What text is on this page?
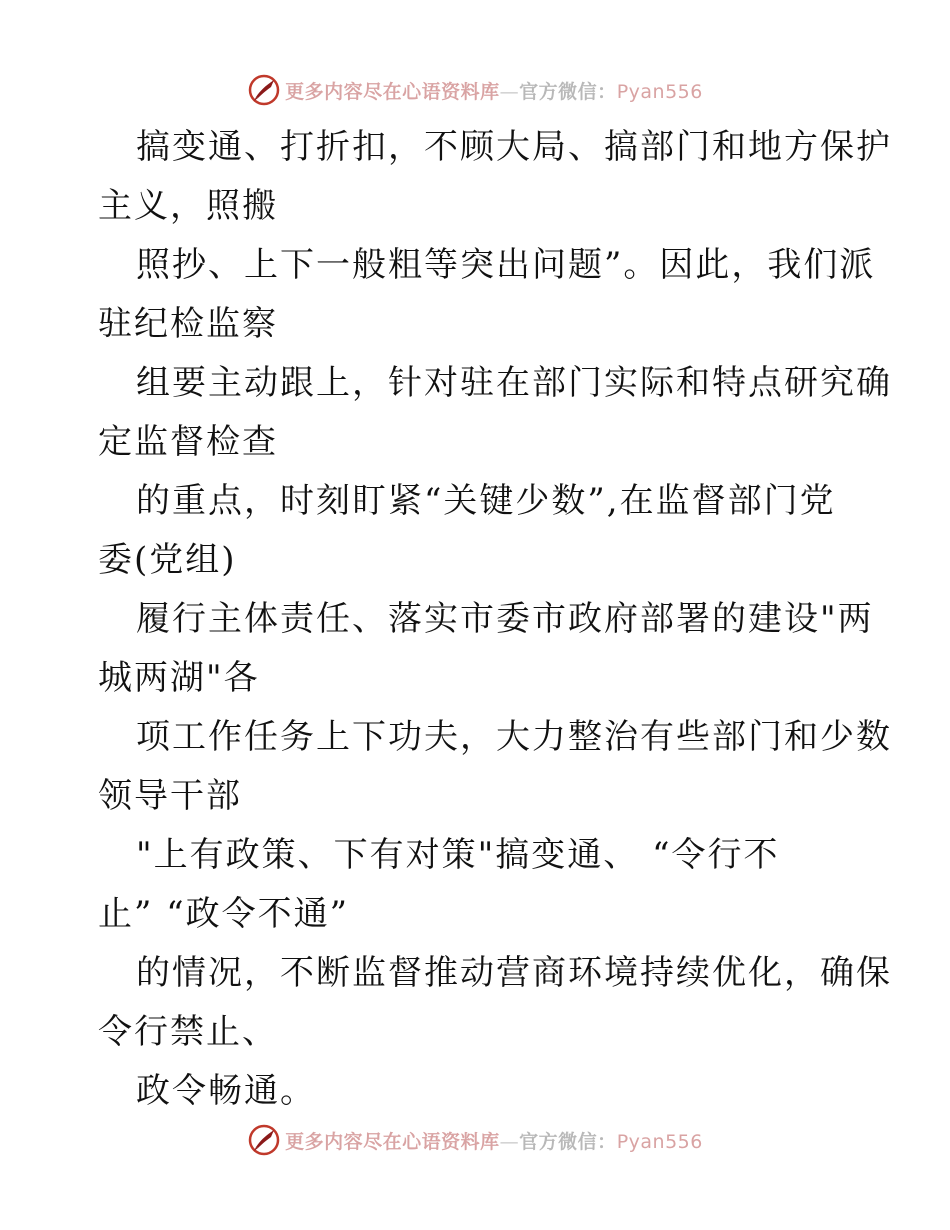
更多内容尽在心语资料库—官方微信：Pyan556

搞变通、打折扣，不顾大局、搞部门和地方保护
主义，照搬

照抄、上下一般粗等突出问题”。因此，我们派
驻纪检监察

组要主动跟上，针对驻在部门实际和特点研究确
定监督检查

的重点，时刻盯紧“关键少数”,在监督部门党
委(党组)

履行主体责任、落实市委市政府部署的建设"两
城两湖"各

项工作任务上下功夫，大力整治有些部门和少数
领导干部

"上有政策、下有对策"搞变通、 “令行不
止” “政令不通”

的情况，不断监督推动营商环境持续优化，确保
令行禁止、

政令畅通。

更多内容尽在心语资料库—官方微信：Pyan556
